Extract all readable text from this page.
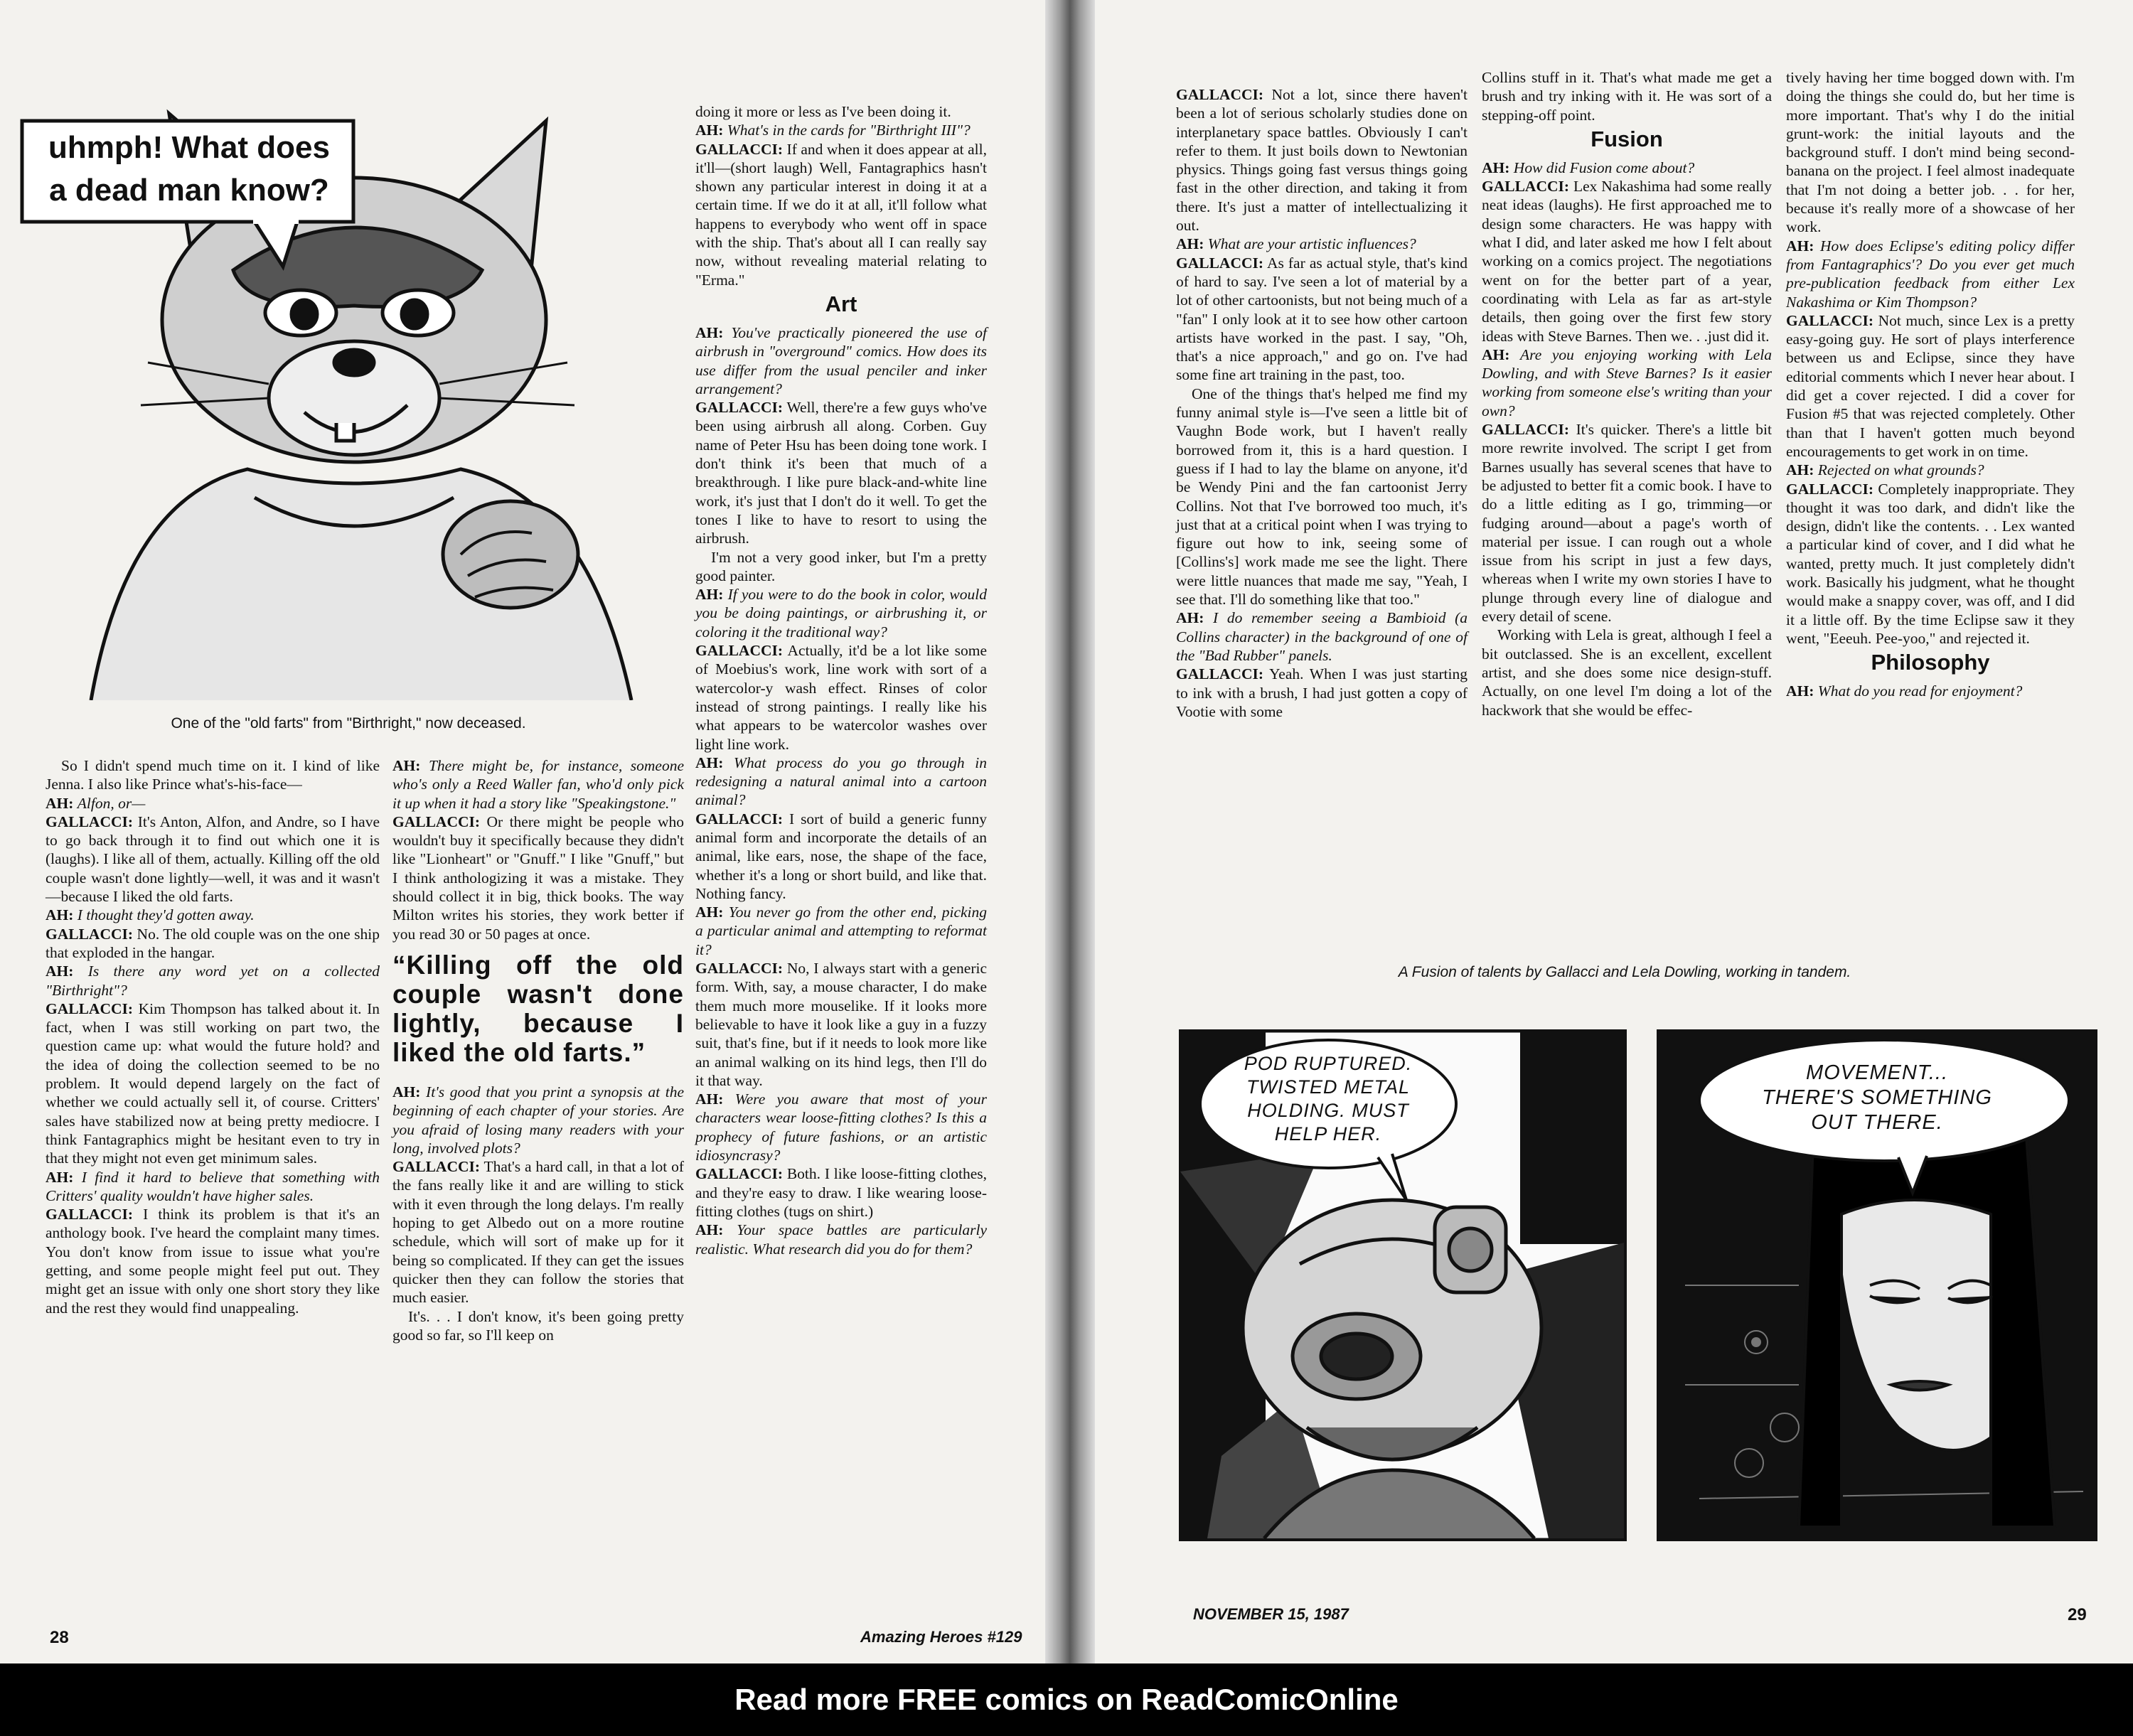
uhmph! What does
a dead man know?
One of the "old farts" from "Birthright," now deceased.

So I didn't spend much time on it. I kind of like Jenna. I also like Prince what's-his-face—

AH: Alfon, or—

GALLACCI: It's Anton, Alfon, and Andre, so I have to go back through it to find out which one it is (laughs). I like all of them, actually. Killing off the old couple wasn't done lightly—well, it was and it wasn't—because I liked the old farts.

AH: I thought they'd gotten away.

GALLACCI: No. The old couple was on the one ship that exploded in the hangar.

AH: Is there any word yet on a collected "Birthright"?

GALLACCI: Kim Thompson has talked about it. In fact, when I was still working on part two, the question came up: what would the future hold? and the idea of doing the collection seemed to be no problem. It would depend largely on the fact of whether we could actually sell it, of course. Critters' sales have stabilized now at being pretty mediocre. I think Fantagraphics might be hesitant even to try in that they might not even get minimum sales.

AH: I find it hard to believe that something with Critters' quality wouldn't have higher sales.

GALLACCI: I think its problem is that it's an anthology book. I've heard the complaint many times. You don't know from issue to issue what you're getting, and some people might feel put out. They might get an issue with only one short story they like and the rest they would find unappealing.

AH: There might be, for instance, someone who's only a Reed Waller fan, who'd only pick it up when it had a story like "Speakingstone."

GALLACCI: Or there might be people who wouldn't buy it specifically because they didn't like "Lionheart" or "Gnuff." I like "Gnuff," but I think anthologizing it was a mistake. They should collect it in big, thick books. The way Milton writes his stories, they work better if you read 30 or 50 pages at once.

“Killing off the old couple wasn't done lightly, because I liked the old farts.”

AH: It's good that you print a synopsis at the beginning of each chapter of your stories. Are you afraid of losing many readers with your long, involved plots?

GALLACCI: That's a hard call, in that a lot of the fans really like it and are willing to stick with it even through the long delays. I'm really hoping to get Albedo out on a more routine schedule, which will sort of make up for it being so complicated. If they can get the issues quicker then they can follow the stories that much easier.

It's. . . I don't know, it's been going pretty good so far, so I'll keep on

doing it more or less as I've been doing it.

AH: What's in the cards for "Birthright III"?

GALLACCI: If and when it does appear at all, it'll—(short laugh) Well, Fantagraphics hasn't shown any particular interest in doing it at a certain time. If we do it at all, it'll follow what happens to everybody who went off in space with the ship. That's about all I can really say now, without revealing material relating to "Erma."

Art

AH: You've practically pioneered the use of airbrush in "overground" comics. How does its use differ from the usual penciler and inker arrangement?

GALLACCI: Well, there're a few guys who've been using airbrush all along. Corben. Guy name of Peter Hsu has been doing tone work. I don't think it's been that much of a breakthrough. I like pure black-and-white line work, it's just that I don't do it well. To get the tones I like to have to resort to using the airbrush.

I'm not a very good inker, but I'm a pretty good painter.

AH: If you were to do the book in color, would you be doing paintings, or airbrushing it, or coloring it the traditional way?

GALLACCI: Actually, it'd be a lot like some of Moebius's work, line work with sort of a watercolor-y wash effect. Rinses of color instead of strong paintings. I really like his what appears to be watercolor washes over light line work.

AH: What process do you go through in redesigning a natural animal into a cartoon animal?

GALLACCI: I sort of build a generic funny animal form and incorporate the details of an animal, like ears, nose, the shape of the face, whether it's a long or short build, and like that. Nothing fancy.

AH: You never go from the other end, picking a particular animal and attempting to reformat it?

GALLACCI: No, I always start with a generic form. With, say, a mouse character, I do make them much more mouselike. If it looks more believable to have it look like a guy in a fuzzy suit, that's fine, but if it needs to look more like an animal walking on its hind legs, then I'll do it that way.

AH: Were you aware that most of your characters wear loose-fitting clothes? Is this a prophecy of future fashions, or an artistic idiosyncrasy?

GALLACCI: Both. I like loose-fitting clothes, and they're easy to draw. I like wearing loose-fitting clothes (tugs on shirt.)

AH: Your space battles are particularly realistic. What research did you do for them?

28	Amazing Heroes #129

GALLACCI: Not a lot, since there haven't been a lot of serious scholarly studies done on interplanetary space battles. Obviously I can't refer to them. It just boils down to Newtonian physics. Things going fast versus things going fast in the other direction, and taking it from there. It's just a matter of intellectualizing it out.

AH: What are your artistic influences?

GALLACCI: As far as actual style, that's kind of hard to say. I've seen a lot of material by a lot of other cartoonists, but not being much of a "fan" I only look at it to see how other cartoon artists have worked in the past. I say, "Oh, that's a nice approach," and go on. I've had some fine art training in the past, too.

One of the things that's helped me find my funny animal style is—I've seen a little bit of Vaughn Bode work, but I haven't really borrowed from it, this is a hard question. I guess if I had to lay the blame on anyone, it'd be Wendy Pini and the fan cartoonist Jerry Collins. Not that I've borrowed too much, it's just that at a critical point when I was trying to figure out how to ink, seeing some of [Collins's] work made me see the light. There were little nuances that made me say, "Yeah, I see that. I'll do something like that too."

AH: I do remember seeing a Bambioid (a Collins character) in the background of one of the "Bad Rubber" panels.

GALLACCI: Yeah. When I was just starting to ink with a brush, I had just gotten a copy of Vootie with some

Collins stuff in it. That's what made me get a brush and try inking with it. He was sort of a stepping-off point.

Fusion

AH: How did Fusion come about?

GALLACCI: Lex Nakashima had some really neat ideas (laughs). He first approached me to design some characters. He was happy with what I did, and later asked me how I felt about working on a comics project. The negotiations went on for the better part of a year, coordinating with Lela as far as art-style details, then going over the first few story ideas with Steve Barnes. Then we. . .just did it.

AH: Are you enjoying working with Lela Dowling, and with Steve Barnes? Is it easier working from someone else's writing than your own?

GALLACCI: It's quicker. There's a little bit more rewrite involved. The script I get from Barnes usually has several scenes that have to be adjusted to better fit a comic book. I have to do a little editing as I go, trimming—or fudging around—about a page's worth of material per issue. I can rough out a whole issue from his script in just a few days, whereas when I write my own stories I have to plunge through every line of dialogue and every detail of scene.

Working with Lela is great, although I feel a bit outclassed. She is an excellent, excellent artist, and she does some nice design-stuff. Actually, on one level I'm doing a lot of the hackwork that she would be effec-

tively having her time bogged down with. I'm doing the things she could do, but her time is more important. That's why I do the initial grunt-work: the initial layouts and the background stuff. I don't mind being second-banana on the project. I feel almost inadequate that I'm not doing a better job. . . for her, because it's really more of a showcase of her work.

AH: How does Eclipse's editing policy differ from Fantagraphics'? Do you ever get much pre-publication feedback from either Lex Nakashima or Kim Thompson?

GALLACCI: Not much, since Lex is a pretty easy-going guy. He sort of plays interference between us and Eclipse, since they have editorial comments which I never hear about. I did get a cover rejected. I did a cover for Fusion #5 that was rejected completely. Other than that I haven't gotten much beyond encouragements to get work in on time.

AH: Rejected on what grounds?

GALLACCI: Completely inappropriate. They thought it was too dark, and didn't like the design, didn't like the contents. . . Lex wanted a particular kind of cover, and I did what he wanted, pretty much. It just completely didn't work. Basically his judgment, what he thought would make a snappy cover, was off, and I did it a little off. By the time Eclipse saw it they went, "Eeeuh. Pee-yoo," and rejected it.

Philosophy

AH: What do you read for enjoyment?

A Fusion of talents by Gallacci and Lela Dowling, working in tandem.
POD RUPTURED.
TWISTED METAL
HOLDING. MUST
HELP HER.
MOVEMENT...
THERE'S SOMETHING
OUT THERE.
NOVEMBER 15, 1987	29
Read more FREE comics on ReadComicOnline
